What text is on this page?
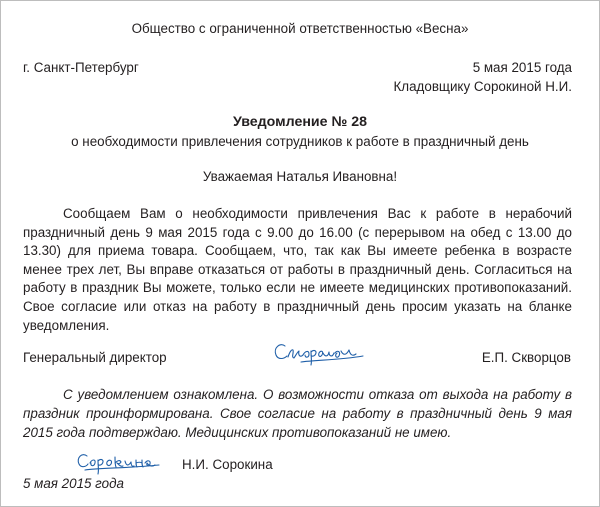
Общество с ограниченной ответственностью «Весна»
г. Санкт-Петербург	5 мая 2015 года
Кладовщику Сорокиной Н.И.
Уведомление № 28
о необходимости привлечения сотрудников к работе в праздничный день
Уважаемая Наталья Ивановна!
Сообщаем Вам о необходимости привлечения Вас к работе в нерабочий праздничный день 9 мая 2015 года с 9.00 до 16.00 (с перерывом на обед с 13.00 до 13.30) для приема товара. Сообщаем, что, так как Вы имеете ребенка в возрасте менее трех лет, Вы вправе отказаться от работы в праздничный день. Согласиться на работу в праздник Вы можете, только если не имеете медицинских противопоказаний. Свое согласие или отказ на работу в праздничный день просим указать на бланке уведомления.
Генеральный директор	Е.П. Скворцов
С уведомлением ознакомлена. О возможности отказа от выхода на работу в праздник проинформирована. Свое согласие на работу в праздничный день 9 мая 2015 года подтверждаю. Медицинских противопоказаний не имею.
Н.И. Сорокина
5 мая 2015 года
